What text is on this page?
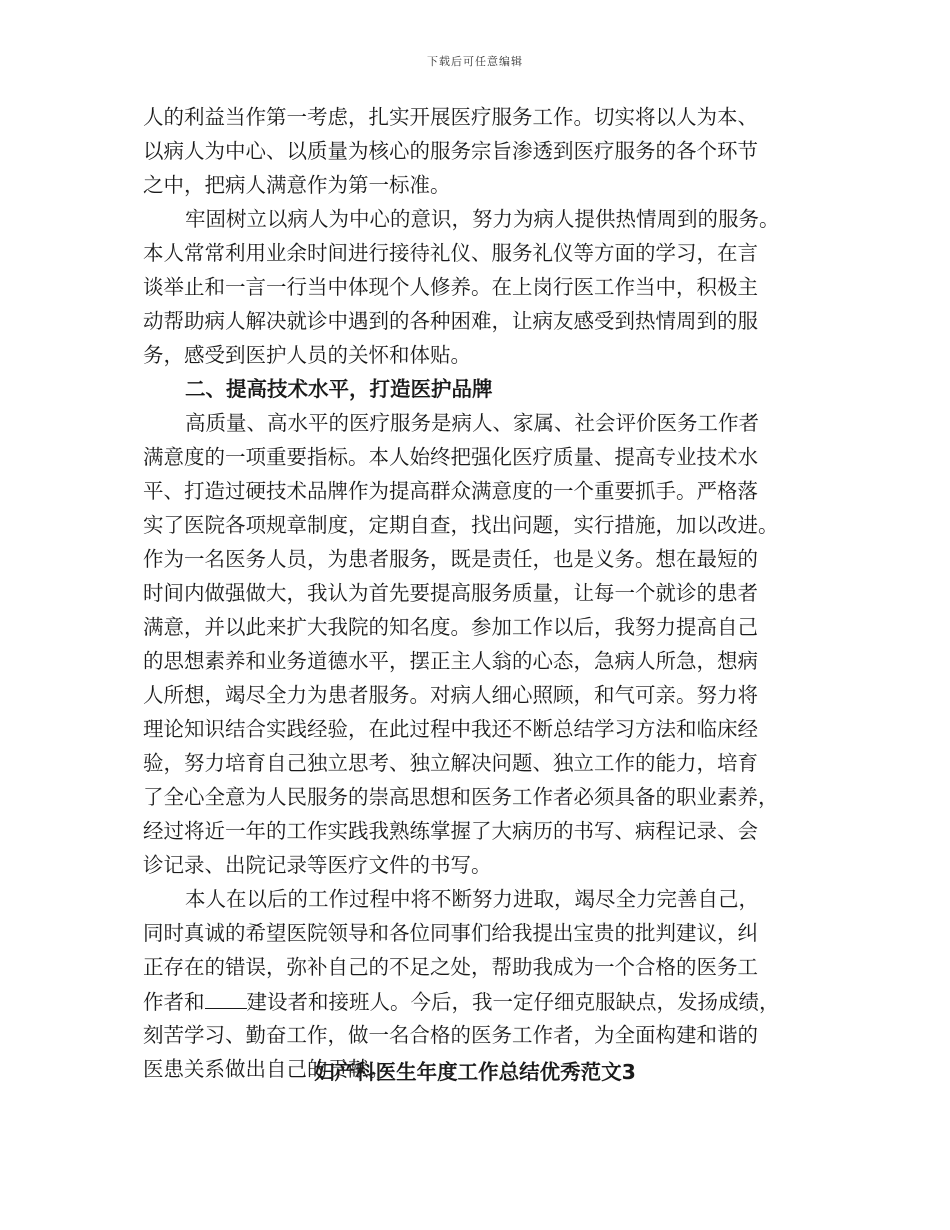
下载后可任意编辑
人的利益当作第一考虑，扎实开展医疗服务工作。切实将以人为本、
以病人为中心、以质量为核心的服务宗旨渗透到医疗服务的各个环节
之中，把病人满意作为第一标准。
牢固树立以病人为中心的意识，努力为病人提供热情周到的服务。
本人常常利用业余时间进行接待礼仪、服务礼仪等方面的学习，在言
谈举止和一言一行当中体现个人修养。在上岗行医工作当中，积极主
动帮助病人解决就诊中遇到的各种困难，让病友感受到热情周到的服
务，感受到医护人员的关怀和体贴。
二、提高技术水平，打造医护品牌
高质量、高水平的医疗服务是病人、家属、社会评价医务工作者
满意度的一项重要指标。本人始终把强化医疗质量、提高专业技术水
平、打造过硬技术品牌作为提高群众满意度的一个重要抓手。严格落
实了医院各项规章制度，定期自查，找出问题，实行措施，加以改进。
作为一名医务人员，为患者服务，既是责任，也是义务。想在最短的
时间内做强做大，我认为首先要提高服务质量，让每一个就诊的患者
满意，并以此来扩大我院的知名度。参加工作以后，我努力提高自己
的思想素养和业务道德水平，摆正主人翁的心态，急病人所急，想病
人所想，竭尽全力为患者服务。对病人细心照顾，和气可亲。努力将
理论知识结合实践经验，在此过程中我还不断总结学习方法和临床经
验，努力培育自己独立思考、独立解决问题、独立工作的能力，培育
了全心全意为人民服务的崇高思想和医务工作者必须具备的职业素养，
经过将近一年的工作实践我熟练掌握了大病历的书写、病程记录、会
诊记录、出院记录等医疗文件的书写。
本人在以后的工作过程中将不断努力进取，竭尽全力完善自己，
同时真诚的希望医院领导和各位同事们给我提出宝贵的批判建议，纠
正存在的错误，弥补自己的不足之处，帮助我成为一个合格的医务工
作者和 建设者和接班人。今后，我一定仔细克服缺点，发扬成绩，
刻苦学习、勤奋工作，做一名合格的医务工作者，为全面构建和谐的
医患关系做出自己的贡献。
妇产科医生年度工作总结优秀范文3
